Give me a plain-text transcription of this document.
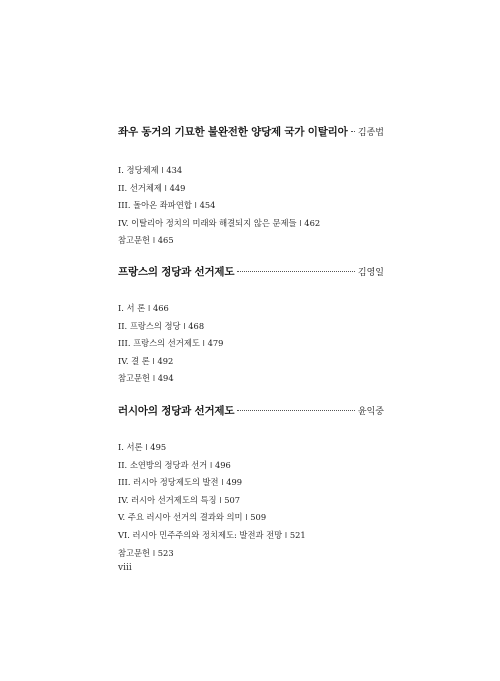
좌우 동거의 기묘한 불완전한 양당제 국가 이탈리아 김종법
I. 정당체제 ǀ 434
II. 선거체제 ǀ 449
III. 돌아온 좌파연합 ǀ 454
IV. 이탈리아 정치의 미래와 해결되지 않은 문제들 ǀ 462
참고문헌 ǀ 465
프랑스의 정당과 선거제도	김영일
I. 서 론 ǀ 466
II. 프랑스의 정당 ǀ 468
III. 프랑스의 선거제도 ǀ 479
IV. 결 론 ǀ 492
참고문헌 ǀ 494
러시아의 정당과 선거제도	윤익중
I. 서론 ǀ 495
II. 소연방의 정당과 선거 ǀ 496
III. 러시아 정당제도의 발전 ǀ 499
IV. 러시아 선거제도의 특징 ǀ 507
V. 주요 러시아 선거의 결과와 의미 ǀ 509
VI. 러시아 민주주의와 정치제도: 발전과 전망 ǀ 521
참고문헌 ǀ 523
viii
